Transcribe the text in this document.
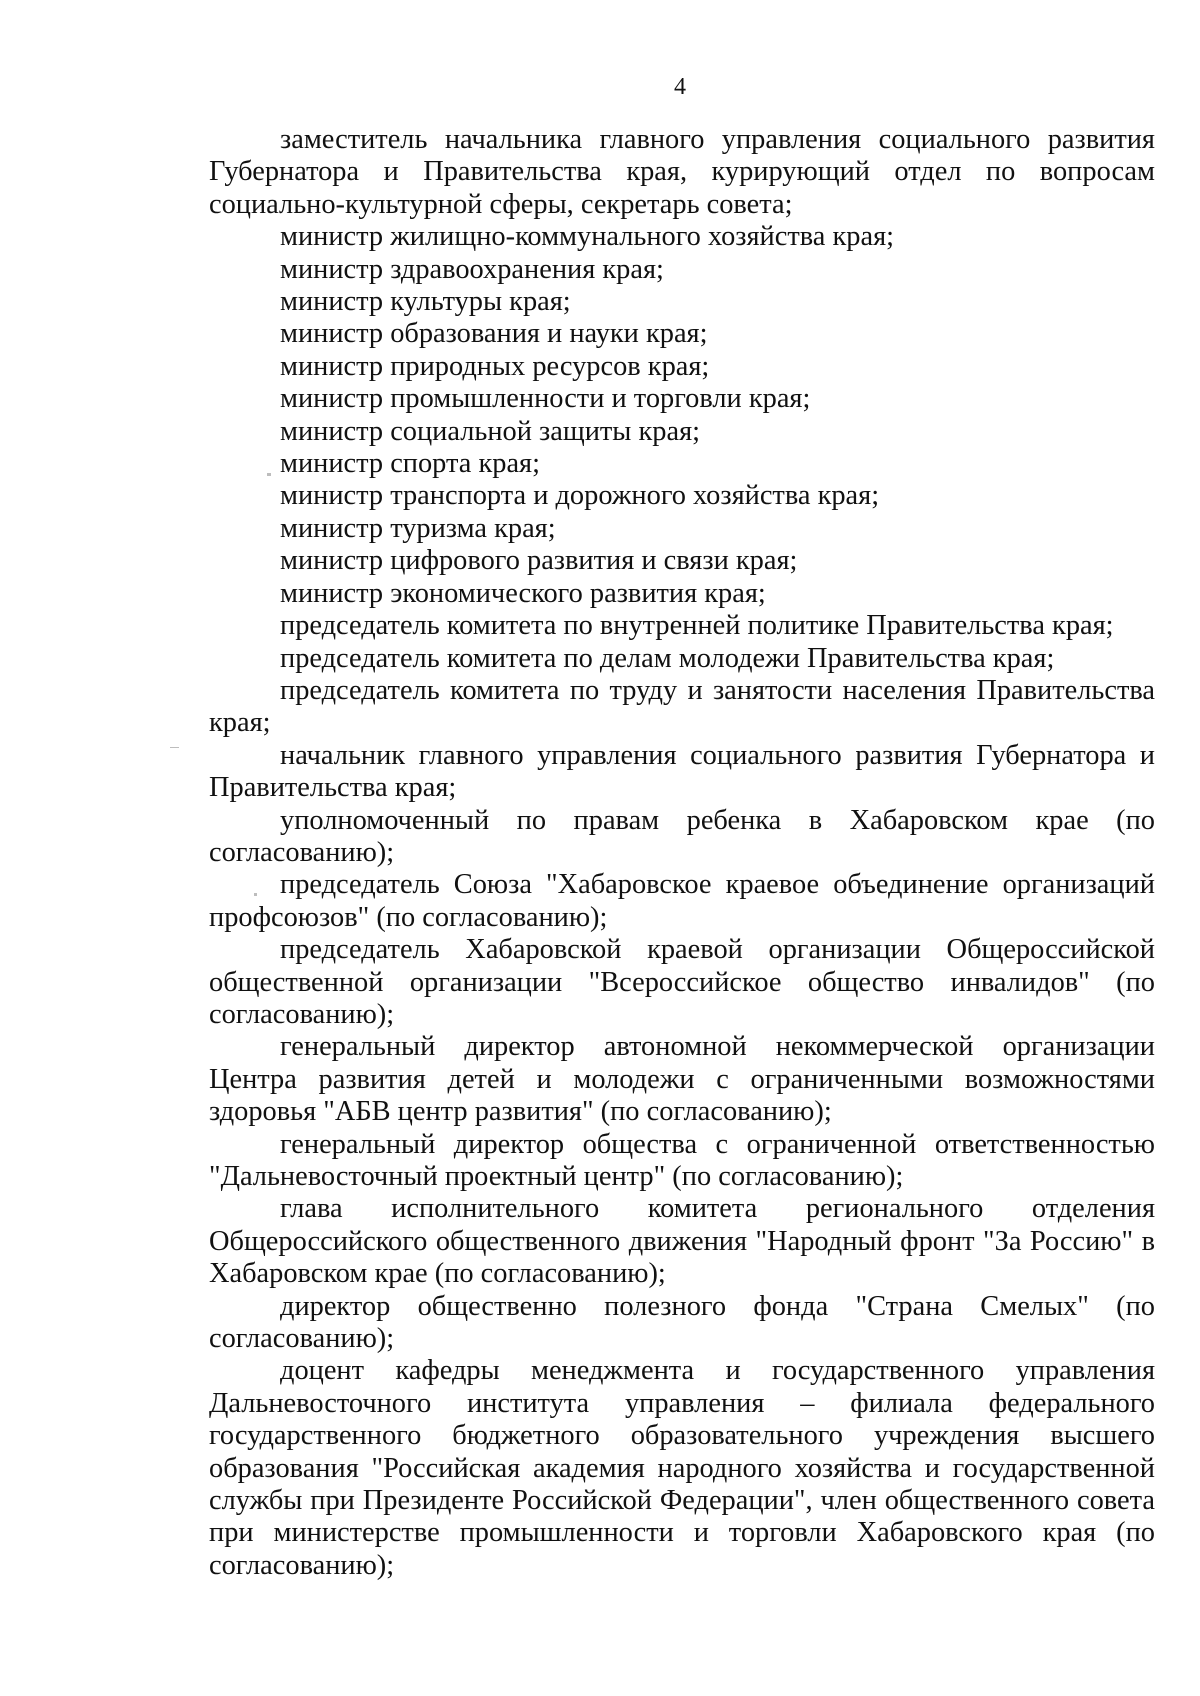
4

заместитель начальника главного управления социального развития Губернатора и Правительства края, курирующий отдел по вопросам социально-культурной сферы, секретарь совета;

министр жилищно-коммунального хозяйства края;

министр здравоохранения края;

министр культуры края;

министр образования и науки края;

министр природных ресурсов края;

министр промышленности и торговли края;

министр социальной защиты края;

министр спорта края;

министр транспорта и дорожного хозяйства края;

министр туризма края;

министр цифрового развития и связи края;

министр экономического развития края;

председатель комитета по внутренней политике Правительства края;

председатель комитета по делам молодежи Правительства края;

председатель комитета по труду и занятости населения Правительства края;

начальник главного управления социального развития Губернатора и Правительства края;

уполномоченный по правам ребенка в Хабаровском крае (по согласованию);

председатель Союза "Хабаровское краевое объединение организаций профсоюзов" (по согласованию);

председатель Хабаровской краевой организации Общероссийской общественной организации "Всероссийское общество инвалидов" (по согласованию);

генеральный директор автономной некоммерческой организации Центра развития детей и молодежи с ограниченными возможностями здоровья "АБВ центр развития" (по согласованию);

генеральный директор общества с ограниченной ответственностью "Дальневосточный проектный центр" (по согласованию);

глава исполнительного комитета регионального отделения Общероссийского общественного движения "Народный фронт "За Россию" в Хабаровском крае (по согласованию);

директор общественно полезного фонда "Страна Смелых" (по согласованию);

доцент кафедры менеджмента и государственного управления Дальневосточного института управления – филиала федерального государственного бюджетного образовательного учреждения высшего образования "Российская академия народного хозяйства и государственной службы при Президенте Российской Федерации", член общественного совета при министерстве промышленности и торговли Хабаровского края (по согласованию);
